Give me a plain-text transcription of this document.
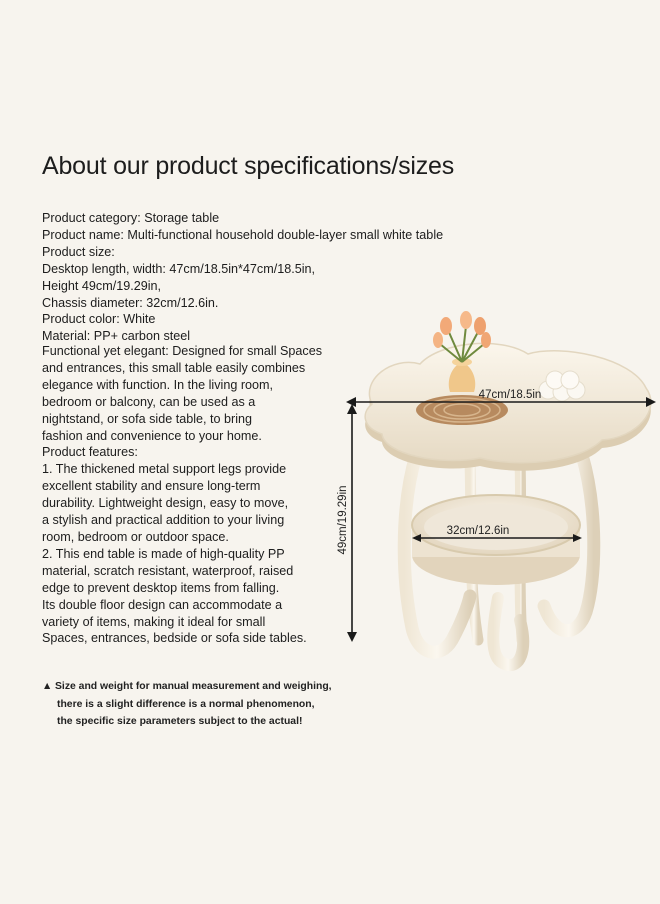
About our product specifications/sizes
Product category: Storage table
Product name: Multi-functional household double-layer small white table
Product size:
Desktop length, width: 47cm/18.5in*47cm/18.5in,
Height 49cm/19.29in,
Chassis diameter: 32cm/12.6in.
Product color: White
Material: PP+ carbon steel
Functional yet elegant: Designed for small Spaces
and entrances, this small table easily combines
elegance with function. In the living room,
bedroom or balcony, can be used as a
nightstand, or sofa side table, to bring
fashion and convenience to your home.
Product features:
1. The thickened metal support legs provide
excellent stability and ensure long-term
durability. Lightweight design, easy to move,
a stylish and practical addition to your living
room, bedroom or outdoor space.
2. This end table is made of high-quality PP
material, scratch resistant, waterproof, raised
edge to prevent desktop items from falling.
Its double floor design can accommodate a
variety of items, making it ideal for small
Spaces, entrances, bedside or sofa side tables.
▲ Size and weight for manual measurement and weighing,
there is a slight difference is a normal phenomenon,
the specific size parameters subject to the actual!
47cm/18.5in
49cm/19.29in	32cm/12.6in
